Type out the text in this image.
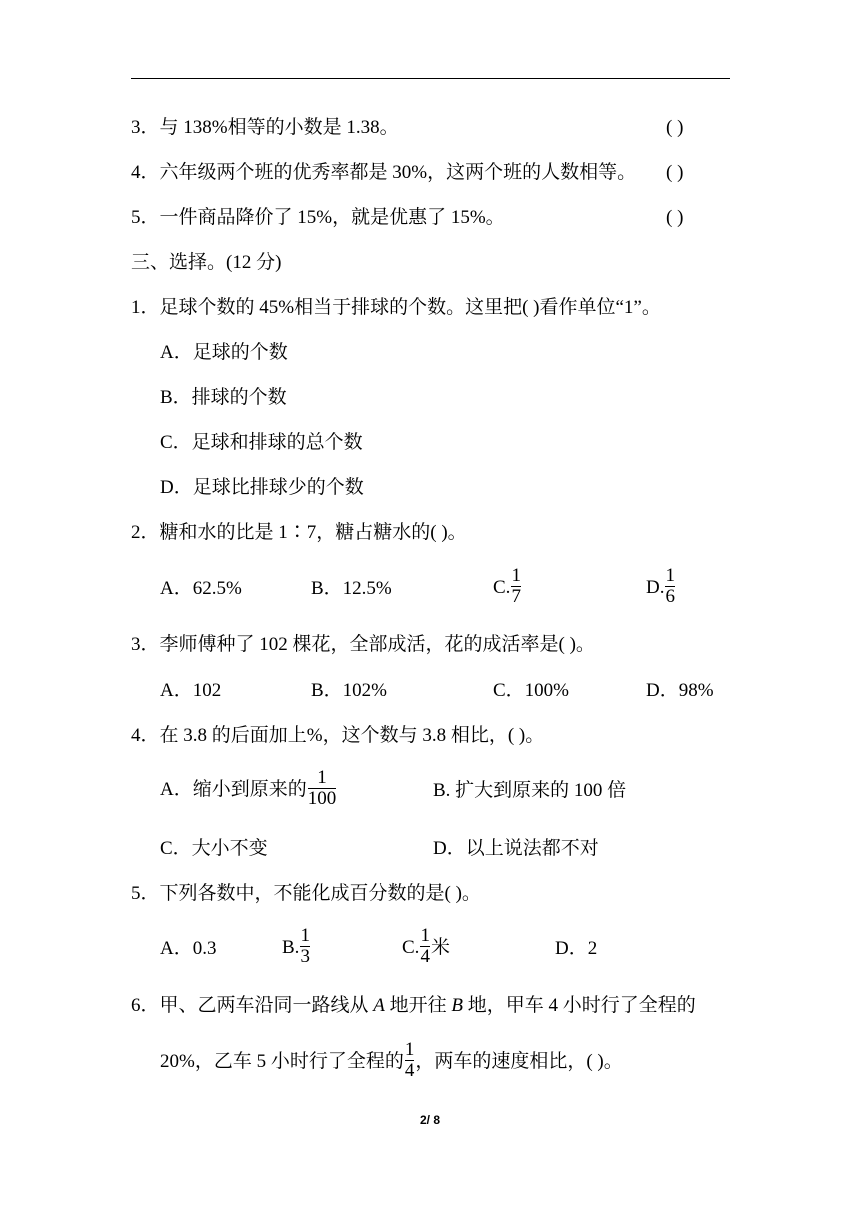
3．与 138%相等的小数是 1.38。	( )
4．六年级两个班的优秀率都是 30%，这两个班的人数相等。 ( )
5．一件商品降价了 15%，就是优惠了 15%。	( )
三、选择。(12 分)
1．足球个数的 45%相当于排球的个数。这里把( )看作单位“1”。
A．足球的个数
B．排球的个数
C．足球和排球的总个数
D．足球比排球少的个数
2．糖和水的比是 1∶7，糖占糖水的( )。
A．62.5%	B．12.5%	C. $\frac{1}{7}$	D. $\frac{1}{6}$
3．李师傅种了 102 棵花，全部成活，花的成活率是( )。
A．102	B．102%	C．100%	D．98%
4．在 3.8 的后面加上%，这个数与 3.8 相比，( )。
A．缩小到原来的 $\frac{1}{100}$	B. 扩大到原来的 100 倍
C．大小不变	D．以上说法都不对
5．下列各数中，不能化成百分数的是( )。
A．0.3	B. $\frac{1}{3}$	C. $\frac{1}{4}$ 米	D．2
6．甲、乙两车沿同一路线从 A 地开往 B 地，甲车 4 小时行了全程的
20%，乙车 5 小时行了全程的 $\frac{1}{4}$ ，两车的速度相比，( )。
2/ 8
